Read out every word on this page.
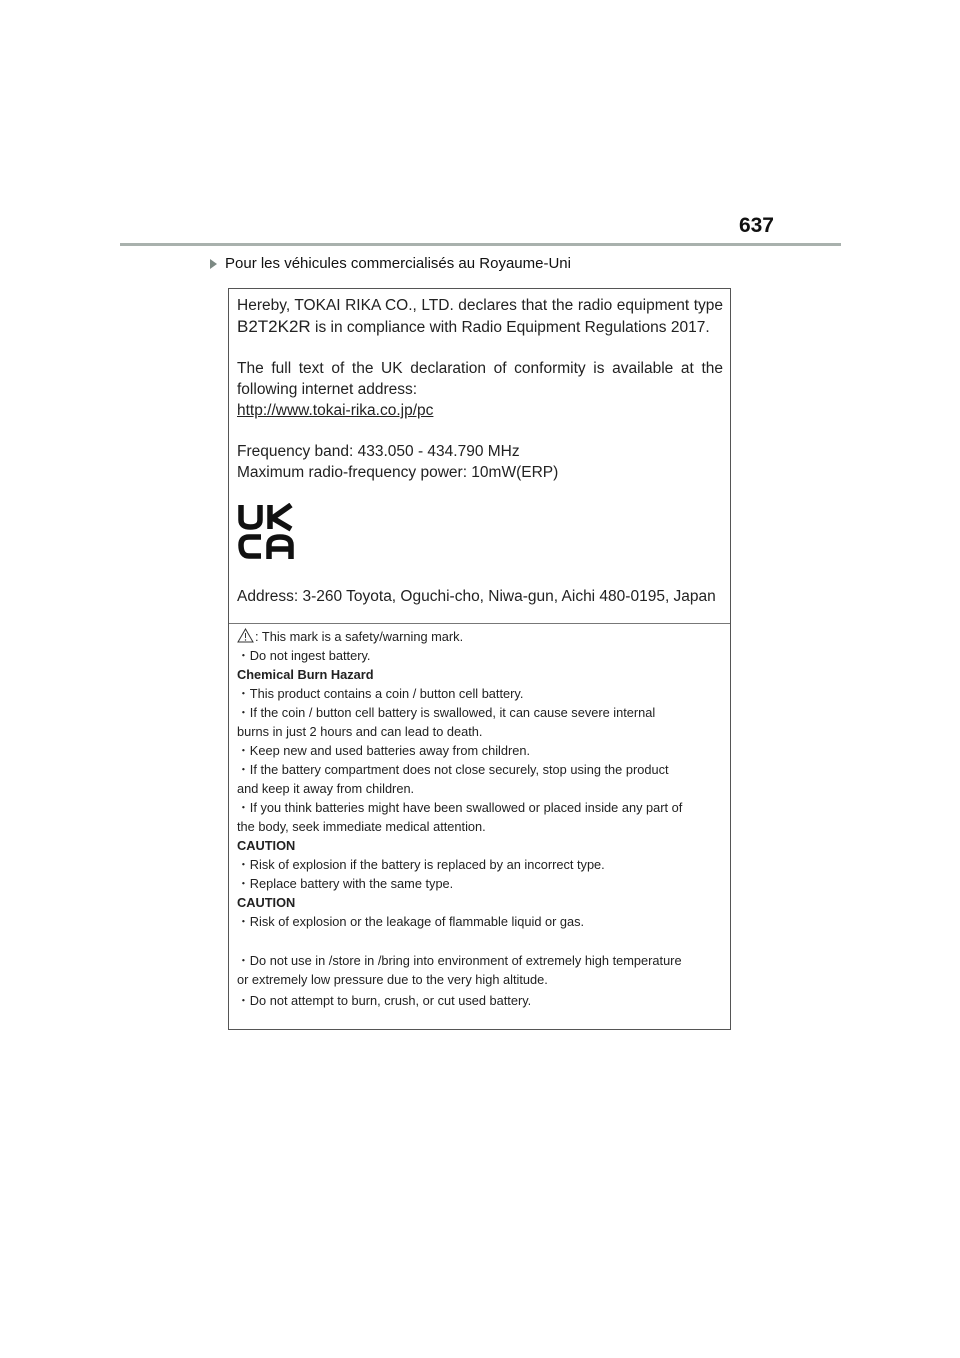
637
Pour les véhicules commercialisés au Royaume-Uni
Hereby, TOKAI RIKA CO., LTD. declares that the radio equipment type
B2T2K2R is in compliance with Radio Equipment Regulations 2017.
The full text of the UK declaration of conformity is available at the
following internet address:
http://www.tokai-rika.co.jp/pc
Frequency band: 433.050 - 434.790 MHz
Maximum radio-frequency power: 10mW(ERP)
Address: 3-260 Toyota, Oguchi-cho, Niwa-gun, Aichi 480-0195, Japan
: This mark is a safety/warning mark.
・Do not ingest battery.
Chemical Burn Hazard
・This product contains a coin / button cell battery.
・If the coin / button cell battery is swallowed, it can cause severe internal
burns in just 2 hours and can lead to death.
・Keep new and used batteries away from children.
・If the battery compartment does not close securely, stop using the product
and keep it away from children.
・If you think batteries might have been swallowed or placed inside any part of
the body, seek immediate medical attention.
CAUTION
・Risk of explosion if the battery is replaced by an incorrect type.
・Replace battery with the same type.
CAUTION
・Risk of explosion or the leakage of flammable liquid or gas.
・Do not use in /store in /bring into environment of extremely high temperature
or extremely low pressure due to the very high altitude.
・Do not attempt to burn, crush, or cut used battery.
